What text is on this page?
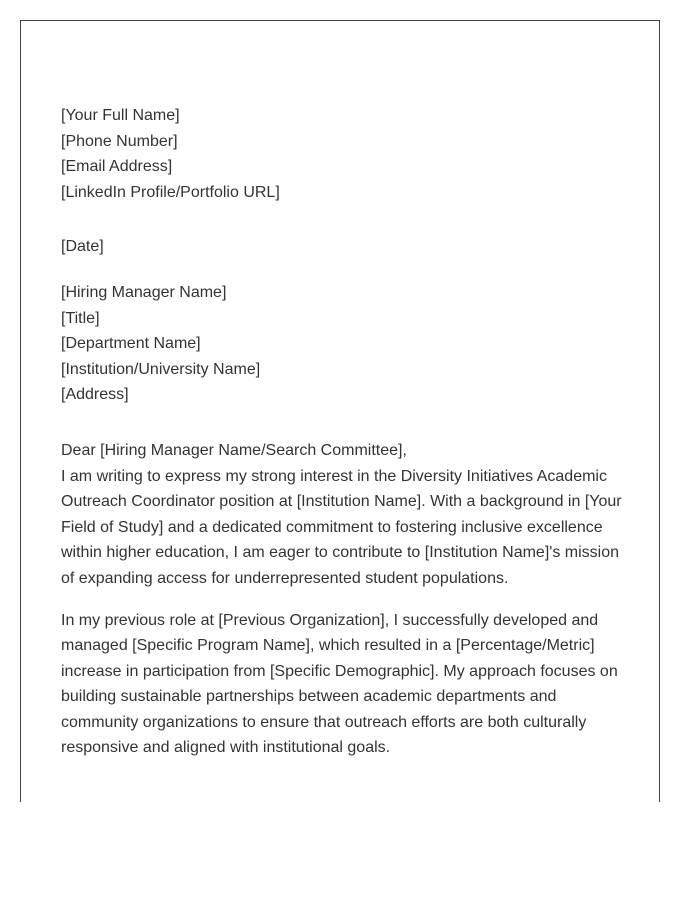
[Your Full Name]
[Phone Number]
[Email Address]
[LinkedIn Profile/Portfolio URL]
[Date]
[Hiring Manager Name]
[Title]
[Department Name]
[Institution/University Name]
[Address]
Dear [Hiring Manager Name/Search Committee],

I am writing to express my strong interest in the Diversity Initiatives Academic Outreach Coordinator position at [Institution Name]. With a background in [Your Field of Study] and a dedicated commitment to fostering inclusive excellence within higher education, I am eager to contribute to [Institution Name]'s mission of expanding access for underrepresented student populations.

In my previous role at [Previous Organization], I successfully developed and managed [Specific Program Name], which resulted in a [Percentage/Metric] increase in participation from [Specific Demographic]. My approach focuses on building sustainable partnerships between academic departments and community organizations to ensure that outreach efforts are both culturally responsive and aligned with institutional goals.
